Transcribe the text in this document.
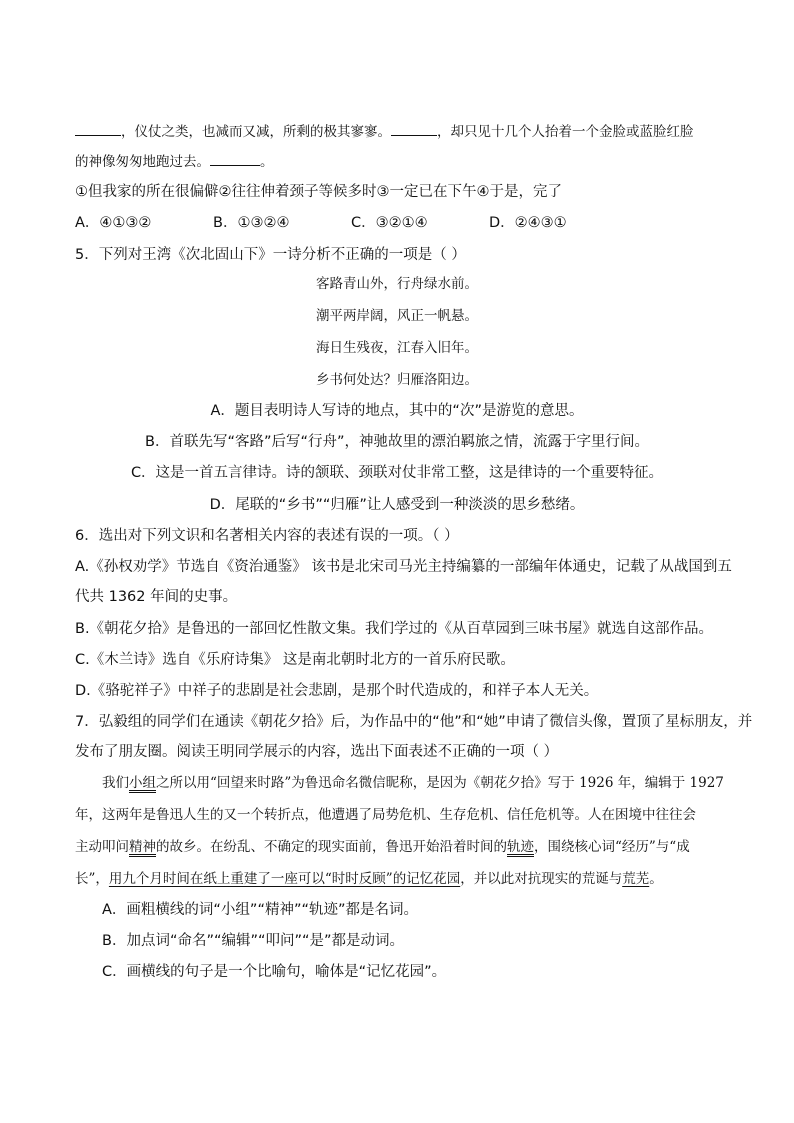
，仪仗之类，也减而又减，所剩的极其寥寥。	，却只见十几个人抬着一个金脸或蓝脸红脸
的神像匆匆地跑过去。	。
①但我家的所在很偏僻②往往伸着颈子等候多时③一定已在下午④于是，完了
A．④①③②	B．①③②④	C．③②①④	D．②④③①
5．下列对王湾《次北固山下》一诗分析不正确的一项是（ ）
客路青山外，行舟绿水前。
潮平两岸阔，风正一帆悬。
海日生残夜，江春入旧年。
乡书何处达？归雁洛阳边。
A．题目表明诗人写诗的地点，其中的“次”是游览的意思。
B．首联先写“客路”后写“行舟”，神驰故里的漂泊羁旅之情，流露于字里行间。
C．这是一首五言律诗。诗的颔联、颈联对仗非常工整，这是律诗的一个重要特征。
D．尾联的“乡书”“归雁”让人感受到一种淡淡的思乡愁绪。
6．选出对下列文识和名著相关内容的表述有误的一项。（ ）
A.《孙权劝学》节选自《资治通鉴》 该书是北宋司马光主持编纂的一部编年体通史，记载了从战国到五
代共 1362 年间的史事。
B.《朝花夕拾》是鲁迅的一部回忆性散文集。我们学过的《从百草园到三味书屋》就选自这部作品。
C.《木兰诗》选自《乐府诗集》 这是南北朝时北方的一首乐府民歌。
D.《骆驼祥子》中祥子的悲剧是社会悲剧，是那个时代造成的，和祥子本人无关。
7．弘毅组的同学们在通读《朝花夕拾》后，为作品中的“他”和“她”申请了微信头像，置顶了星标朋友，并
发布了朋友圈。阅读王明同学展示的内容，选出下面表述不正确的一项（ ）
我们小组之所以用“回望来时路”为鲁迅命名微信昵称，是因为《朝花夕拾》写于 1926 年，编辑于 1927
年，这两年是鲁迅人生的又一个转折点，他遭遇了局势危机、生存危机、信任危机等。人在困境中往往会
主动叩问精神的故乡。在纷乱、不确定的现实面前，鲁迅开始沿着时间的轨迹，围绕核心词“经历”与“成
长”，用九个月时间在纸上重建了一座可以“时时反顾”的记忆花园，并以此对抗现实的荒诞与荒芜。
A．画粗横线的词“小组”“精神”“轨迹”都是名词。
B．加点词“命名”“编辑”“叩问”“是”都是动词。
C．画横线的句子是一个比喻句，喻体是“记忆花园”。
